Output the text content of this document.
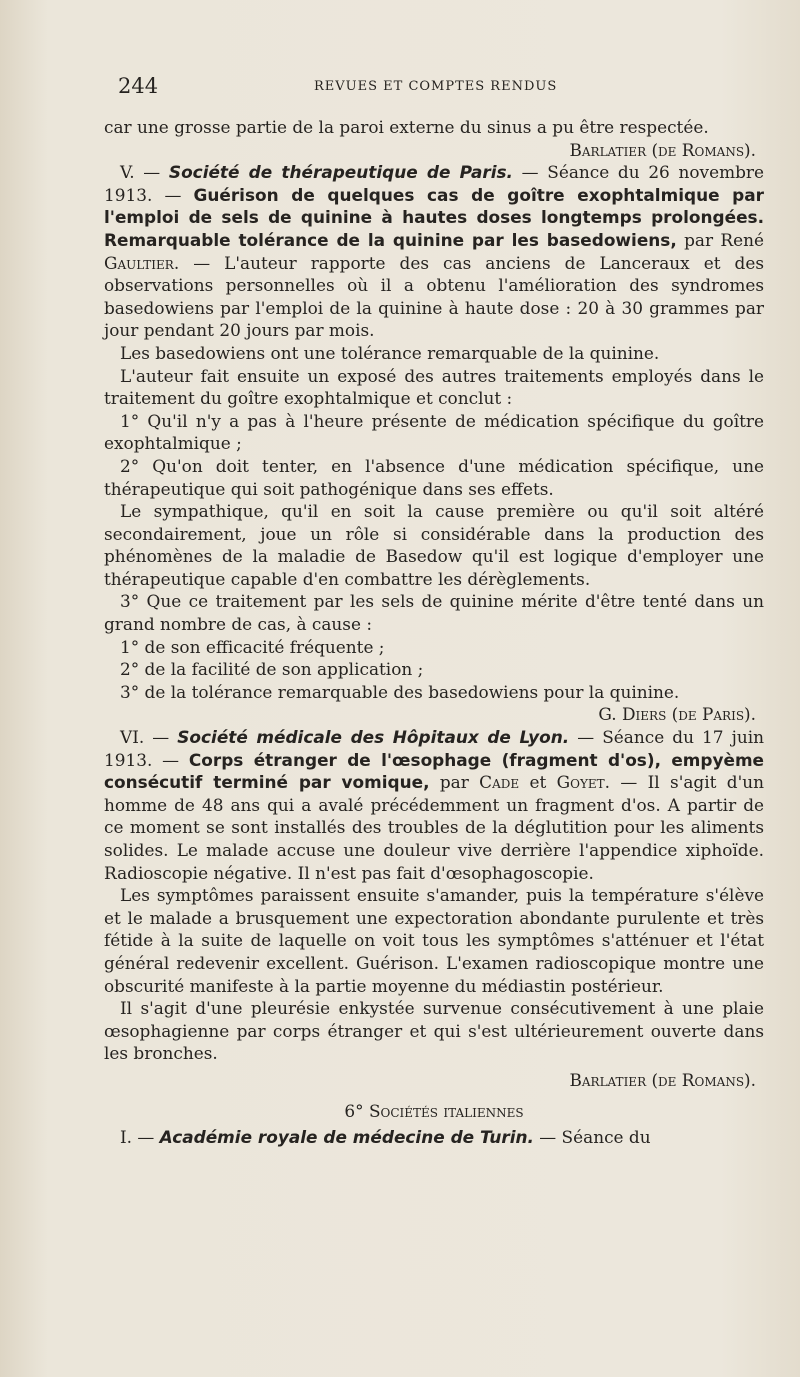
244	REVUES ET COMPTES RENDUS

car une grosse partie de la paroi externe du sinus a pu être respectée.

Barlatier (de Romans).

V. — Société de thérapeutique de Paris. — Séance du 26 novembre 1913. — Guérison de quelques cas de goître exophtalmique par l'emploi de sels de quinine à hautes doses longtemps prolongées. Remarquable tolérance de la quinine par les basedowiens, par René Gaultier. — L'auteur rapporte des cas anciens de Lanceraux et des observations personnelles où il a obtenu l'amélioration des syndromes basedowiens par l'emploi de la quinine à haute dose : 20 à 30 grammes par jour pendant 20 jours par mois.

Les basedowiens ont une tolérance remarquable de la quinine.

L'auteur fait ensuite un exposé des autres traitements employés dans le traitement du goître exophtalmique et conclut :

1° Qu'il n'y a pas à l'heure présente de médication spécifique du goître exophtalmique ;

2° Qu'on doit tenter, en l'absence d'une médication spécifique, une thérapeutique qui soit pathogénique dans ses effets.

Le sympathique, qu'il en soit la cause première ou qu'il soit altéré secondairement, joue un rôle si considérable dans la production des phénomènes de la maladie de Basedow qu'il est logique d'employer une thérapeutique capable d'en combattre les dérèglements.

3° Que ce traitement par les sels de quinine mérite d'être tenté dans un grand nombre de cas, à cause :

1° de son efficacité fréquente ;

2° de la facilité de son application ;

3° de la tolérance remarquable des basedowiens pour la quinine.

G. Diers (de Paris).

VI. — Société médicale des Hôpitaux de Lyon. — Séance du 17 juin 1913. — Corps étranger de l'œsophage (fragment d'os), empyème consécutif terminé par vomique, par Cade et Goyet. — Il s'agit d'un homme de 48 ans qui a avalé précédemment un fragment d'os. A partir de ce moment se sont installés des troubles de la déglutition pour les aliments solides. Le malade accuse une douleur vive derrière l'appendice xiphoïde. Radioscopie négative. Il n'est pas fait d'œsophagoscopie.

Les symptômes paraissent ensuite s'amander, puis la température s'élève et le malade a brusquement une expectoration abondante purulente et très fétide à la suite de laquelle on voit tous les symptômes s'atténuer et l'état général redevenir excellent. Guérison. L'examen radioscopique montre une obscurité manifeste à la partie moyenne du médiastin postérieur.

Il s'agit d'une pleurésie enkystée survenue consécutivement à une plaie œsophagienne par corps étranger et qui s'est ultérieurement ouverte dans les bronches.

Barlatier (de Romans).

6° Sociétés italiennes

I. — Académie royale de médecine de Turin. — Séance du
